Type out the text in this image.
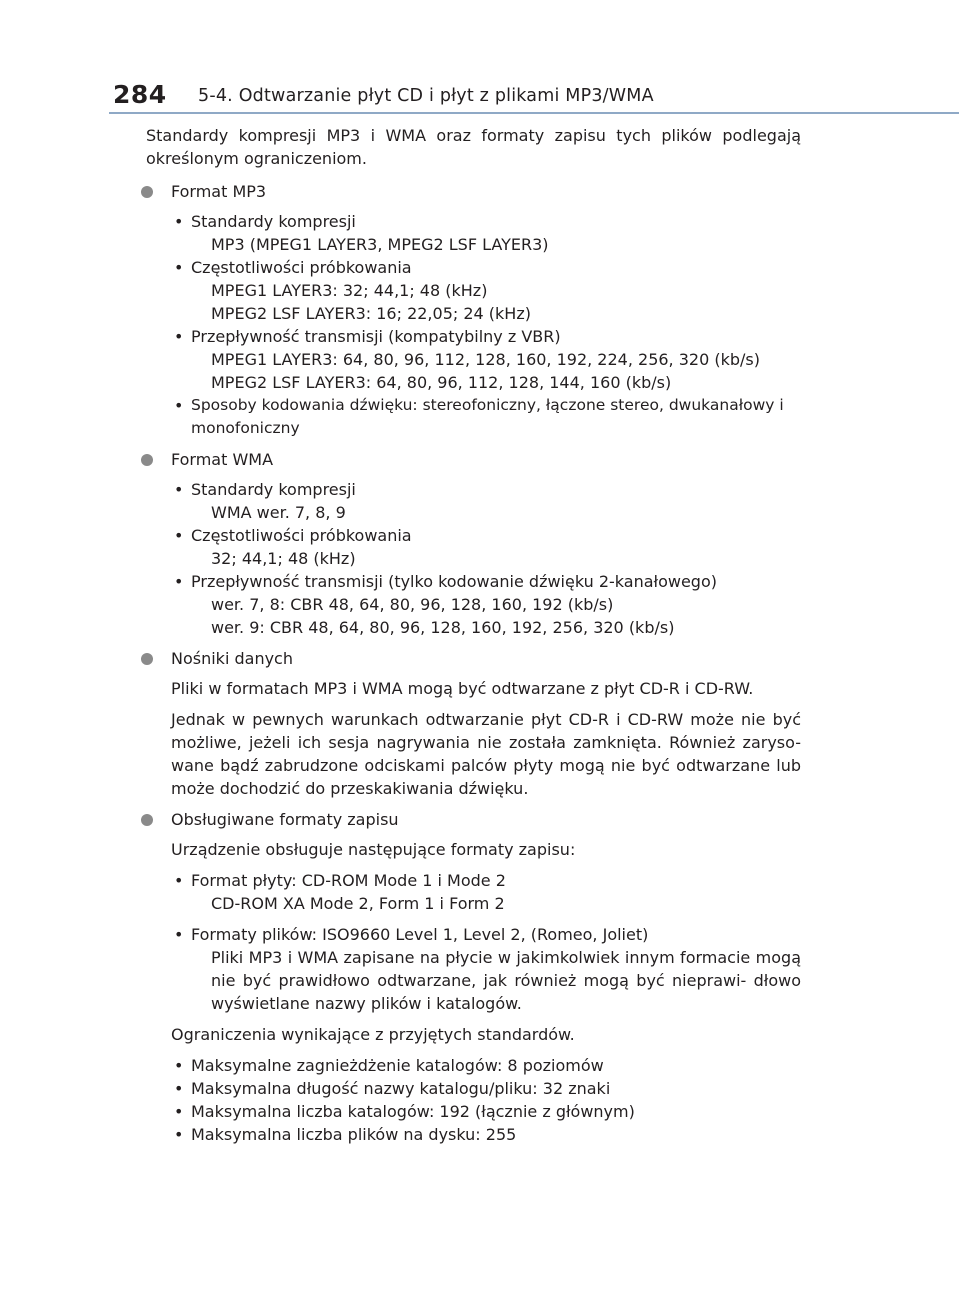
284 5-4. Odtwarzanie płyt CD i płyt z plikami MP3/WMA

Standardy kompresji MP3 i WMA oraz formaty zapisu tych plików podlegają określonym ograniczeniom.

Format MP3
• Standardy kompresji
MP3 (MPEG1 LAYER3, MPEG2 LSF LAYER3)
• Częstotliwości próbkowania
MPEG1 LAYER3: 32; 44,1; 48 (kHz)
MPEG2 LSF LAYER3: 16; 22,05; 24 (kHz)
• Przepływność transmisji (kompatybilny z VBR)
MPEG1 LAYER3: 64, 80, 96, 112, 128, 160, 192, 224, 256, 320 (kb/s)
MPEG2 LSF LAYER3: 64, 80, 96, 112, 128, 144, 160 (kb/s)
• Sposoby kodowania dźwięku: stereofoniczny, łączone stereo, dwukanałowy i monofoniczny
Format WMA
• Standardy kompresji
WMA wer. 7, 8, 9
• Częstotliwości próbkowania
32; 44,1; 48 (kHz)
• Przepływność transmisji (tylko kodowanie dźwięku 2-kanałowego)
wer. 7, 8: CBR 48, 64, 80, 96, 128, 160, 192 (kb/s)
wer. 9: CBR 48, 64, 80, 96, 128, 160, 192, 256, 320 (kb/s)
Nośniki danych

Pliki w formatach MP3 i WMA mogą być odtwarzane z płyt CD-R i CD-RW.

Jednak w pewnych warunkach odtwarzanie płyt CD-R i CD-RW może nie być możliwe, jeżeli ich sesja nagrywania nie została zamknięta. Również zaryso- wane bądź zabrudzone odciskami palców płyty mogą nie być odtwarzane lub może dochodzić do przeskakiwania dźwięku.

Obsługiwane formaty zapisu

Urządzenie obsługuje następujące formaty zapisu:

• Format płyty: CD-ROM Mode 1 i Mode 2
CD-ROM XA Mode 2, Form 1 i Form 2
• Formaty plików: ISO9660 Level 1, Level 2, (Romeo, Joliet)
Pliki MP3 i WMA zapisane na płycie w jakimkolwiek innym formacie mogą nie być prawidłowo odtwarzane, jak również mogą być nieprawi- dłowo wyświetlane nazwy plików i katalogów.

Ograniczenia wynikające z przyjętych standardów.

• Maksymalne zagnieżdżenie katalogów: 8 poziomów
• Maksymalna długość nazwy katalogu/pliku: 32 znaki
• Maksymalna liczba katalogów: 192 (łącznie z głównym)
• Maksymalna liczba plików na dysku: 255
